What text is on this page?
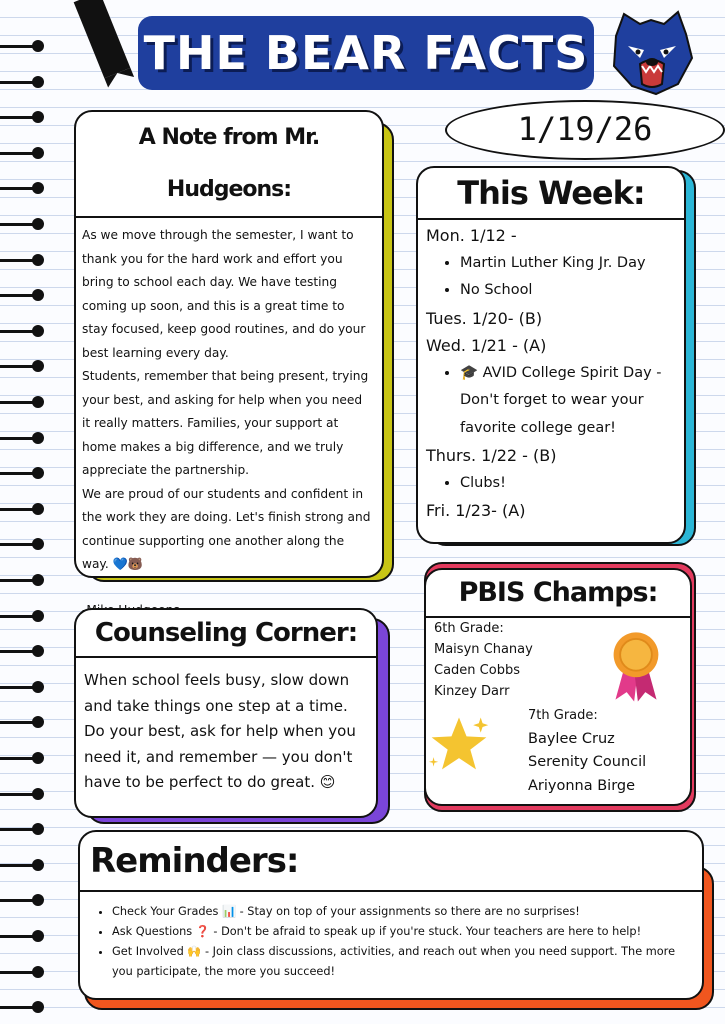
THE BEAR FACTS
1/19/26
A Note from Mr. Hudgeons:

As we move through the semester, I want to thank you for the hard work and effort you bring to school each day. We have testing coming up soon, and this is a great time to stay focused, keep good routines, and do your best learning every day.

Students, remember that being present, trying your best, and asking for help when you need it really matters. Families, your support at home makes a big difference, and we truly appreciate the partnership.

We are proud of our students and confident in the work they are doing. Let's finish strong and continue supporting one another along the way. 💙🐻

This Week:
Mon. 1/12 -
• Martin Luther King Jr. Day
• No School
Tues. 1/20- (B)
Wed. 1/21 - (A)
• 🎓 AVID College Spirit Day - Don't forget to wear your favorite college gear!
Thurs. 1/22 - (B)
• Clubs!
Fri. 1/23- (A)
Counseling Corner:
When school feels busy, slow down and take things one step at a time. Do your best, ask for help when you need it, and remember — you don't have to be perfect to do great. 😊
PBIS Champs:
6th Grade:
Maisyn Chanay
Caden Cobbs
Kinzey Darr
7th Grade:
Baylee Cruz
Serenity Council
Ariyonna Birge
Reminders:
• Check Your Grades 📊 - Stay on top of your assignments so there are no surprises!
• Ask Questions ❓ - Don't be afraid to speak up if you're stuck. Your teachers are here to help!
• Get Involved 🙌 - Join class discussions, activities, and reach out when you need support. The more you participate, the more you succeed!
